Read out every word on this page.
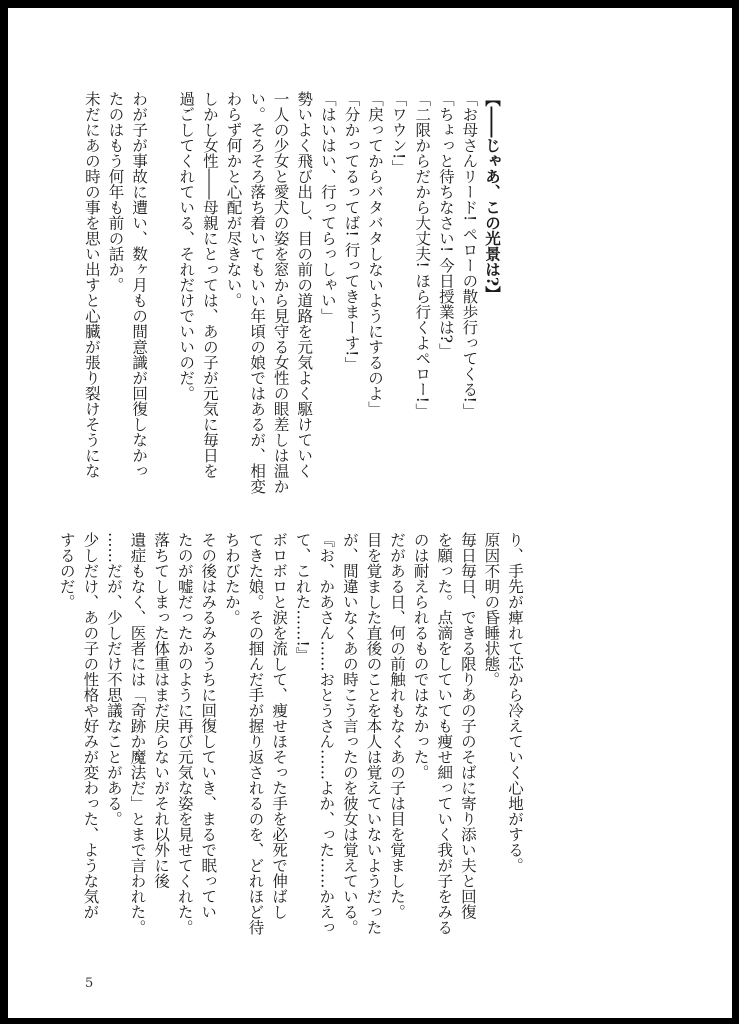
【――じゃあ、この光景は?】
「お母さんリード! ペローの散歩行ってくる!」
「ちょっと待ちなさい! 今日授業は?」
「二限からだから大丈夫! ほら行くよペロー!」
「ワウン!」
「戻ってからバタバタしないようにするのよ」
「分かってるってば! 行ってきまーす!」
「はいはい、行ってらっしゃい」
勢いよく飛び出し、目の前の道路を元気よく駆けていく
一人の少女と愛犬の姿を窓から見守る女性の眼差しは温か
い。そろそろ落ち着いてもいい年頃の娘ではあるが、相変
わらず何かと心配が尽きない。
しかし女性――母親にとっては、あの子が元気に毎日を
過ごしてくれている、それだけでいいのだ。

わが子が事故に遭い、数ヶ月もの間意識が回復しなかっ
たのはもう何年も前の話か。
未だにあの時の事を思い出すと心臓が張り裂けそうにな
り、手先が痺れて芯から冷えていく心地がする。
原因不明の昏睡状態。
毎日毎日、できる限りあの子のそばに寄り添い夫と回復
を願った。点滴をしていても痩せ細っていく我が子をみる
のは耐えられるものではなかった。
だがある日、何の前触れもなくあの子は目を覚ました。
目を覚ました直後のことを本人は覚えていないようだった
が、間違いなくあの時こう言ったのを彼女は覚えている。
『お、かあさん……おとうさん……よか、った……かえっ
て、これた……!』
ボロボロと涙を流して、痩せほそった手を必死で伸ばし
てきた娘。その掴んだ手が握り返されるのを、どれほど待
ちわびたか。
その後はみるみるうちに回復していき、まるで眠ってい
たのが嘘だったかのように再び元気な姿を見せてくれた。
落ちてしまった体重はまだ戻らないがそれ以外に後
遺症もなく、医者には「奇跡か魔法だ」とまで言われた。
……だが、少しだけ不思議なことがある。
少しだけ、あの子の性格や好みが変わった、ような気が
するのだ。
5
